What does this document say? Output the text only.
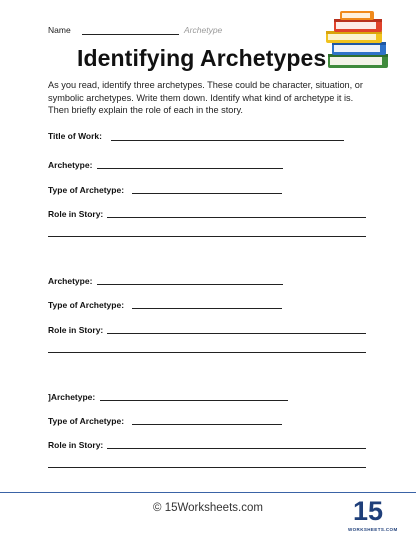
Name	Archetype
Identifying Archetypes
As you read, identify three archetypes. These could be character, situation, or symbolic archetypes. Write them down. Identify what kind of archetype it is. Then briefly explain the role of each in the story.
Title of Work:
Archetype:
Type of Archetype:
Role in Story:
Archetype:
Type of Archetype:
Role in Story:
]Archetype:
Type of Archetype:
Role in Story:
© 15Worksheets.com	15
WORKSHEETS.COM
